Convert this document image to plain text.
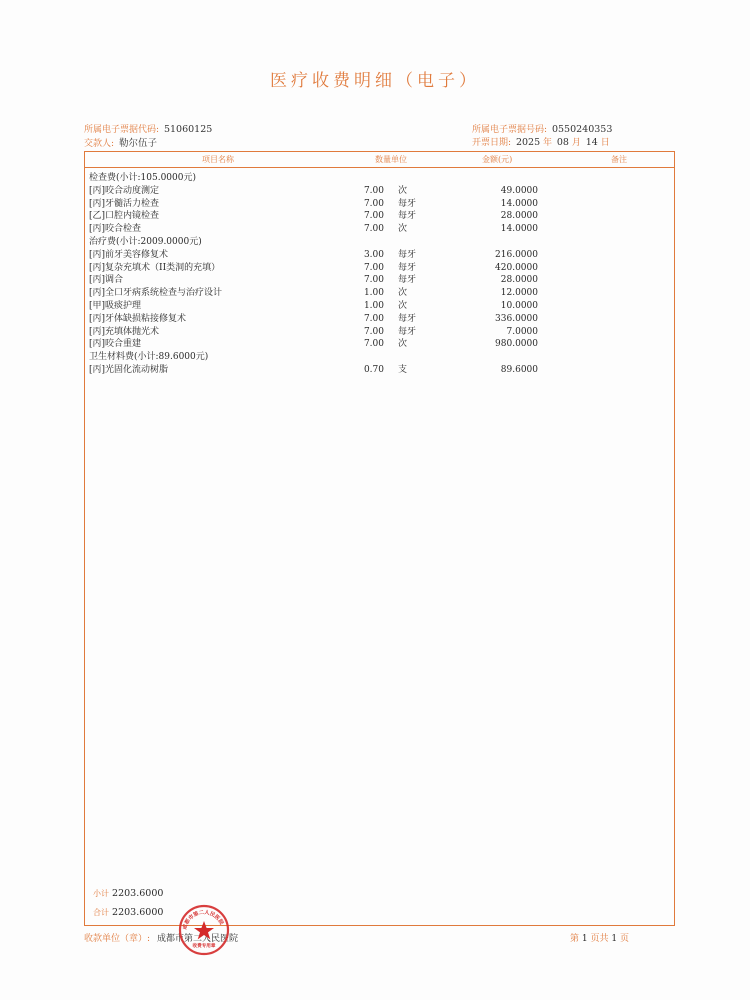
医疗收费明细（电子）
所属电子票据代码: 51060125
交款人: 勒尔伍子
所属电子票据号码: 0550240353
开票日期: 2025 年 08 月 14 日
项目名称	数量单位	金额(元)	备注
检查费(小计:105.0000元)
[丙]咬合动度测定	7.00 次	49.0000
[丙]牙髓活力检查	7.00 每牙	14.0000
[乙]口腔内镜检查	7.00 每牙	28.0000
[丙]咬合检查	7.00 次	14.0000
治疗费(小计:2009.0000元)
[丙]前牙美容修复术	3.00 每牙	216.0000
[丙]复杂充填术（II类洞的充填）	7.00 每牙	420.0000
[丙]调合	7.00 每牙	28.0000
[丙]全口牙病系统检查与治疗设计	1.00 次	12.0000
[甲]吸痰护理	1.00 次	10.0000
[丙]牙体缺损粘接修复术	7.00 每牙	336.0000
[丙]充填体抛光术	7.00 每牙	7.0000
[丙]咬合重建	7.00 次	980.0000
卫生材料费(小计:89.6000元)
[丙]光固化流动树脂	0.70 支	89.6000
小计 2203.6000
合计 2203.6000
收款单位（章）: 成都市第二人民医院	第 1 页共 1 页
成都市第二人民医院
收费专用章
